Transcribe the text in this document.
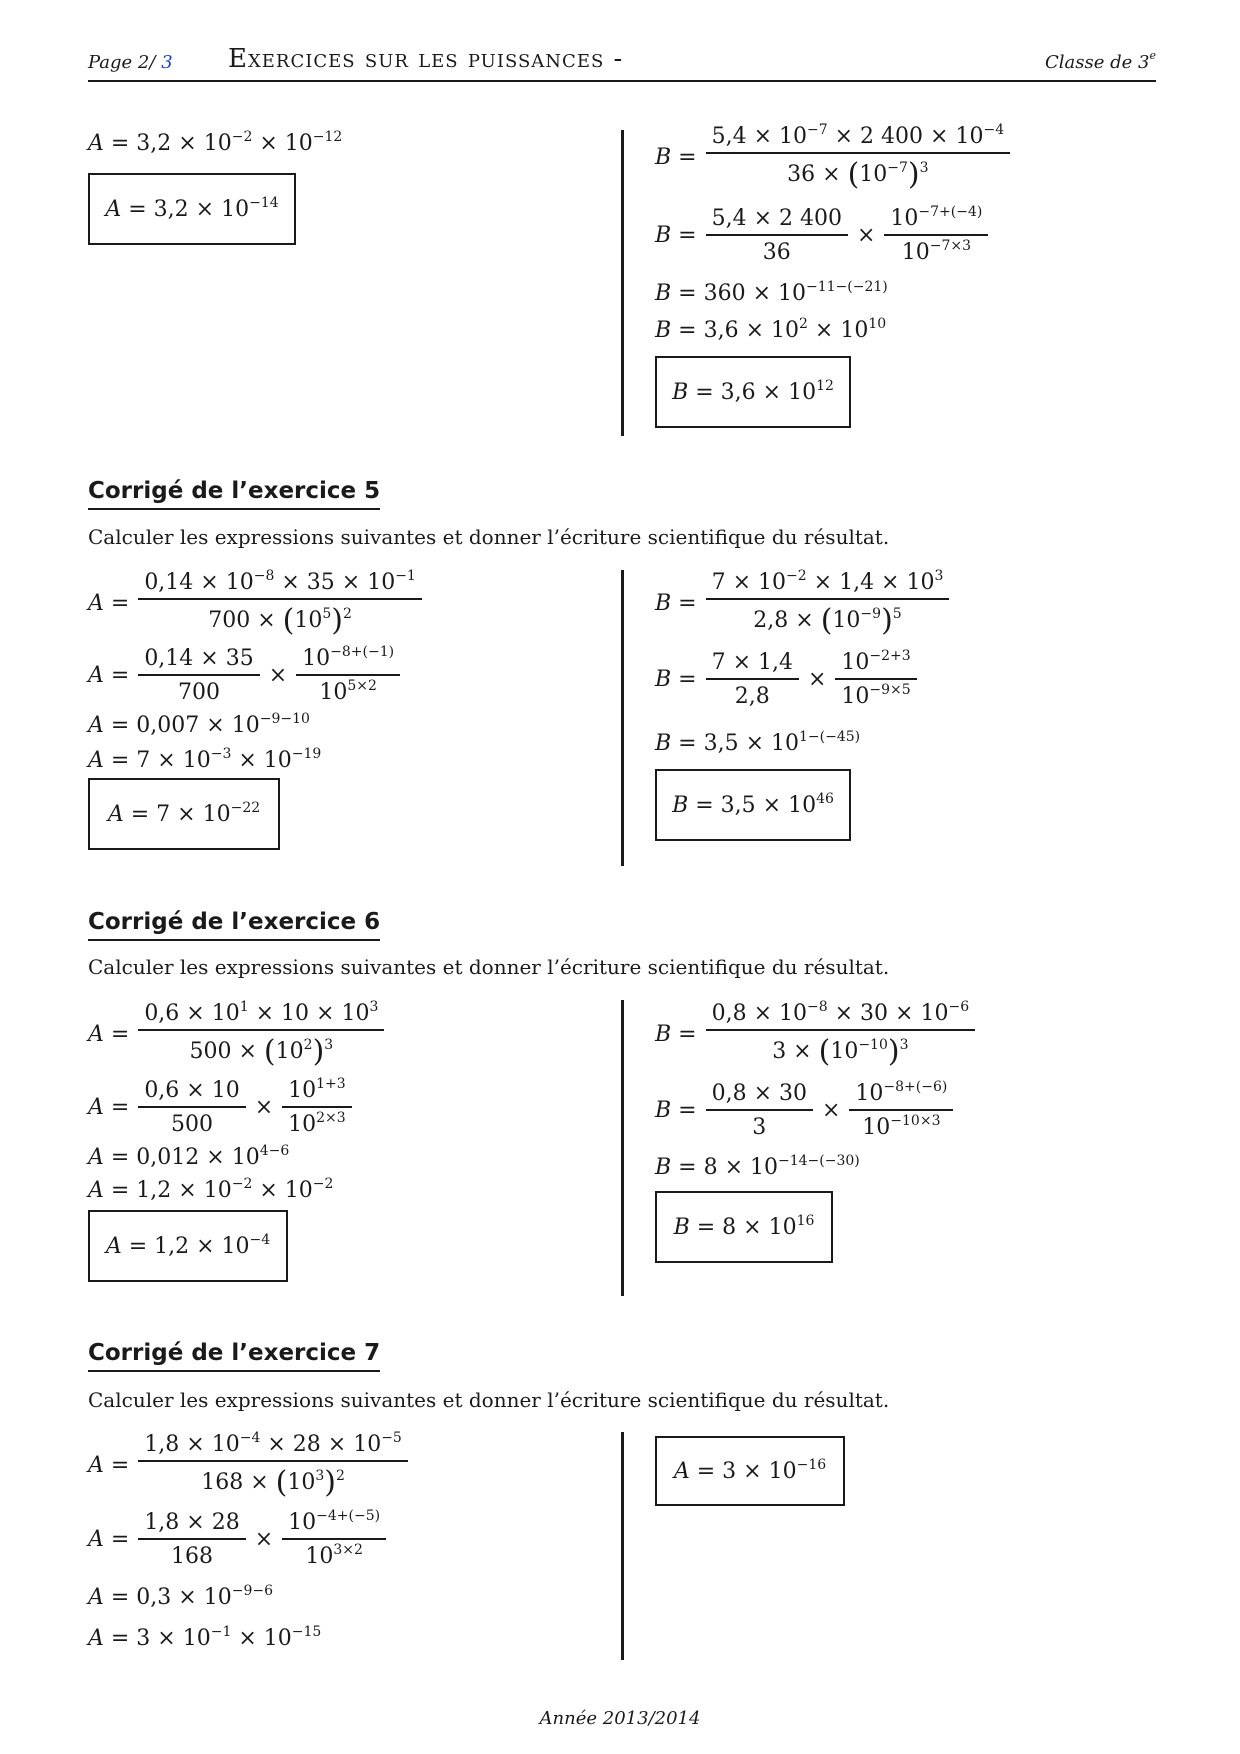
Page 2/ 3 Exercices sur les puissances -	Classe de 3e
$A = 3,2 \times 10^{-2} \times 10^{-12}$
$A = 3,2 \times 10^{-14}$
$B = \frac{5,4 \times 10^{-7} \times 2 400 \times 10^{-4}}{36 \times (10^{-7})^3}$
$B = \frac{5,4 \times 2 400}{36} \times \frac{10^{-7+(-4)}}{10^{-7\times 3}}$
$B = 360 \times 10^{-11-(-21)}$
$B = 3,6 \times 10^2 \times 10^{10}$
$B = 3,6 \times 10^{12}$
Corrigé de l’exercice 5
Calculer les expressions suivantes et donner l’écriture scientifique du résultat.
$A = \frac{0,14 \times 10^{-8} \times 35 \times 10^{-1}}{700 \times (10^5)^2}$
$A = \frac{0,14 \times 35}{700} \times \frac{10^{-8+(-1)}}{10^{5\times 2}}$
$A = 0,007 \times 10^{-9-10}$
$A = 7 \times 10^{-3} \times 10^{-19}$
$A = 7 \times 10^{-22}$
$B = \frac{7 \times 10^{-2} \times 1,4 \times 10^3}{2,8 \times (10^{-9})^5}$
$B = \frac{7 \times 1,4}{2,8} \times \frac{10^{-2+3}}{10^{-9\times 5}}$
$B = 3,5 \times 10^{1-(-45)}$
$B = 3,5 \times 10^{46}$
Corrigé de l’exercice 6
Calculer les expressions suivantes et donner l’écriture scientifique du résultat.
$A = \frac{0,6 \times 10^1 \times 10 \times 10^3}{500 \times (10^2)^3}$
$A = \frac{0,6 \times 10}{500} \times \frac{10^{1+3}}{10^{2\times 3}}$
$A = 0,012 \times 10^{4-6}$
$A = 1,2 \times 10^{-2} \times 10^{-2}$
$A = 1,2 \times 10^{-4}$
$B = \frac{0,8 \times 10^{-8} \times 30 \times 10^{-6}}{3 \times (10^{-10})^3}$
$B = \frac{0,8 \times 30}{3} \times \frac{10^{-8+(-6)}}{10^{-10\times 3}}$
$B = 8 \times 10^{-14-(-30)}$
$B = 8 \times 10^{16}$
Corrigé de l’exercice 7
Calculer les expressions suivantes et donner l’écriture scientifique du résultat.
$A = \frac{1,8 \times 10^{-4} \times 28 \times 10^{-5}}{168 \times (10^3)^2}$
$A = \frac{1,8 \times 28}{168} \times \frac{10^{-4+(-5)}}{10^{3\times 2}}$
$A = 0,3 \times 10^{-9-6}$
$A = 3 \times 10^{-1} \times 10^{-15}$
$A = 3 \times 10^{-16}$
Année 2013/2014
